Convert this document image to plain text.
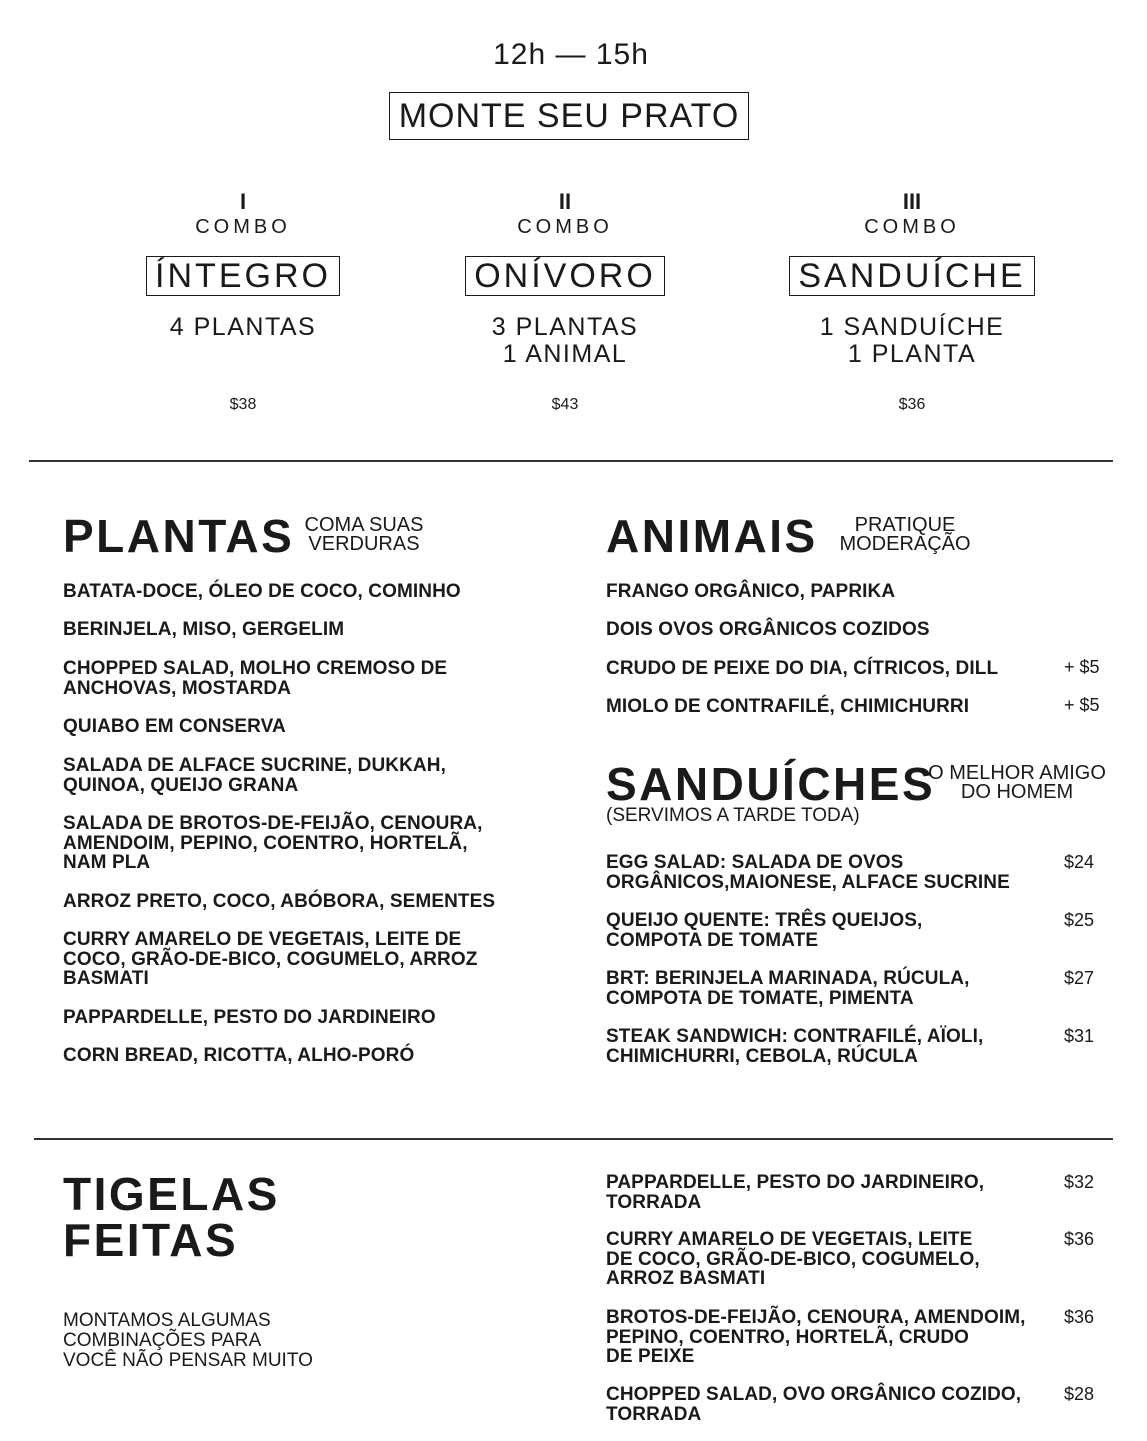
12h — 15h
MONTE SEU PRATO
I
COMBO
ÍNTEGRO
4 PLANTAS
$38
II
COMBO
ONÍVORO
3 PLANTAS
1 ANIMAL
$43
III
COMBO
SANDUÍCHE
1 SANDUÍCHE
1 PLANTA
$36
PLANTAS COMA SUAS
VERDURAS
BATATA-DOCE, ÓLEO DE COCO, COMINHO
BERINJELA, MISO, GERGELIM
CHOPPED SALAD, MOLHO CREMOSO DE
ANCHOVAS, MOSTARDA
QUIABO EM CONSERVA
SALADA DE ALFACE SUCRINE, DUKKAH,
QUINOA, QUEIJO GRANA
SALADA DE BROTOS-DE-FEIJÃO, CENOURA,
AMENDOIM, PEPINO, COENTRO, HORTELÃ,
NAM PLA
ARROZ PRETO, COCO, ABÓBORA, SEMENTES
CURRY AMARELO DE VEGETAIS, LEITE DE
COCO, GRÃO-DE-BICO, COGUMELO, ARROZ
BASMATI
PAPPARDELLE, PESTO DO JARDINEIRO
CORN BREAD, RICOTTA, ALHO-PORÓ
ANIMAIS	PRATIQUE
MODERAÇÃO
FRANGO ORGÂNICO, PAPRIKA
DOIS OVOS ORGÂNICOS COZIDOS
CRUDO DE PEIXE DO DIA, CÍTRICOS, DILL	+ $5
MIOLO DE CONTRAFILÉ, CHIMICHURRI	+ $5
SANDUÍCHES
O MELHOR AMIGO
DO HOMEM
(SERVIMOS A TARDE TODA)
EGG SALAD: SALADA DE OVOS
ORGÂNICOS,MAIONESE, ALFACE SUCRINE
$24
QUEIJO QUENTE: TRÊS QUEIJOS,
COMPOTA DE TOMATE
$25
BRT: BERINJELA MARINADA, RÚCULA,
COMPOTA DE TOMATE, PIMENTA
$27
STEAK SANDWICH: CONTRAFILÉ, AÏOLI,
CHIMICHURRI, CEBOLA, RÚCULA
$31
TIGELAS
FEITAS
MONTAMOS ALGUMAS
COMBINAÇÕES PARA
VOCÊ NÃO PENSAR MUITO
PAPPARDELLE, PESTO DO JARDINEIRO,
TORRADA
$32
CURRY AMARELO DE VEGETAIS, LEITE
DE COCO, GRÃO-DE-BICO, COGUMELO,
ARROZ BASMATI
$36
BROTOS-DE-FEIJÃO, CENOURA, AMENDOIM,
PEPINO, COENTRO, HORTELÃ, CRUDO
DE PEIXE
$36
CHOPPED SALAD, OVO ORGÂNICO COZIDO,
TORRADA
$28
